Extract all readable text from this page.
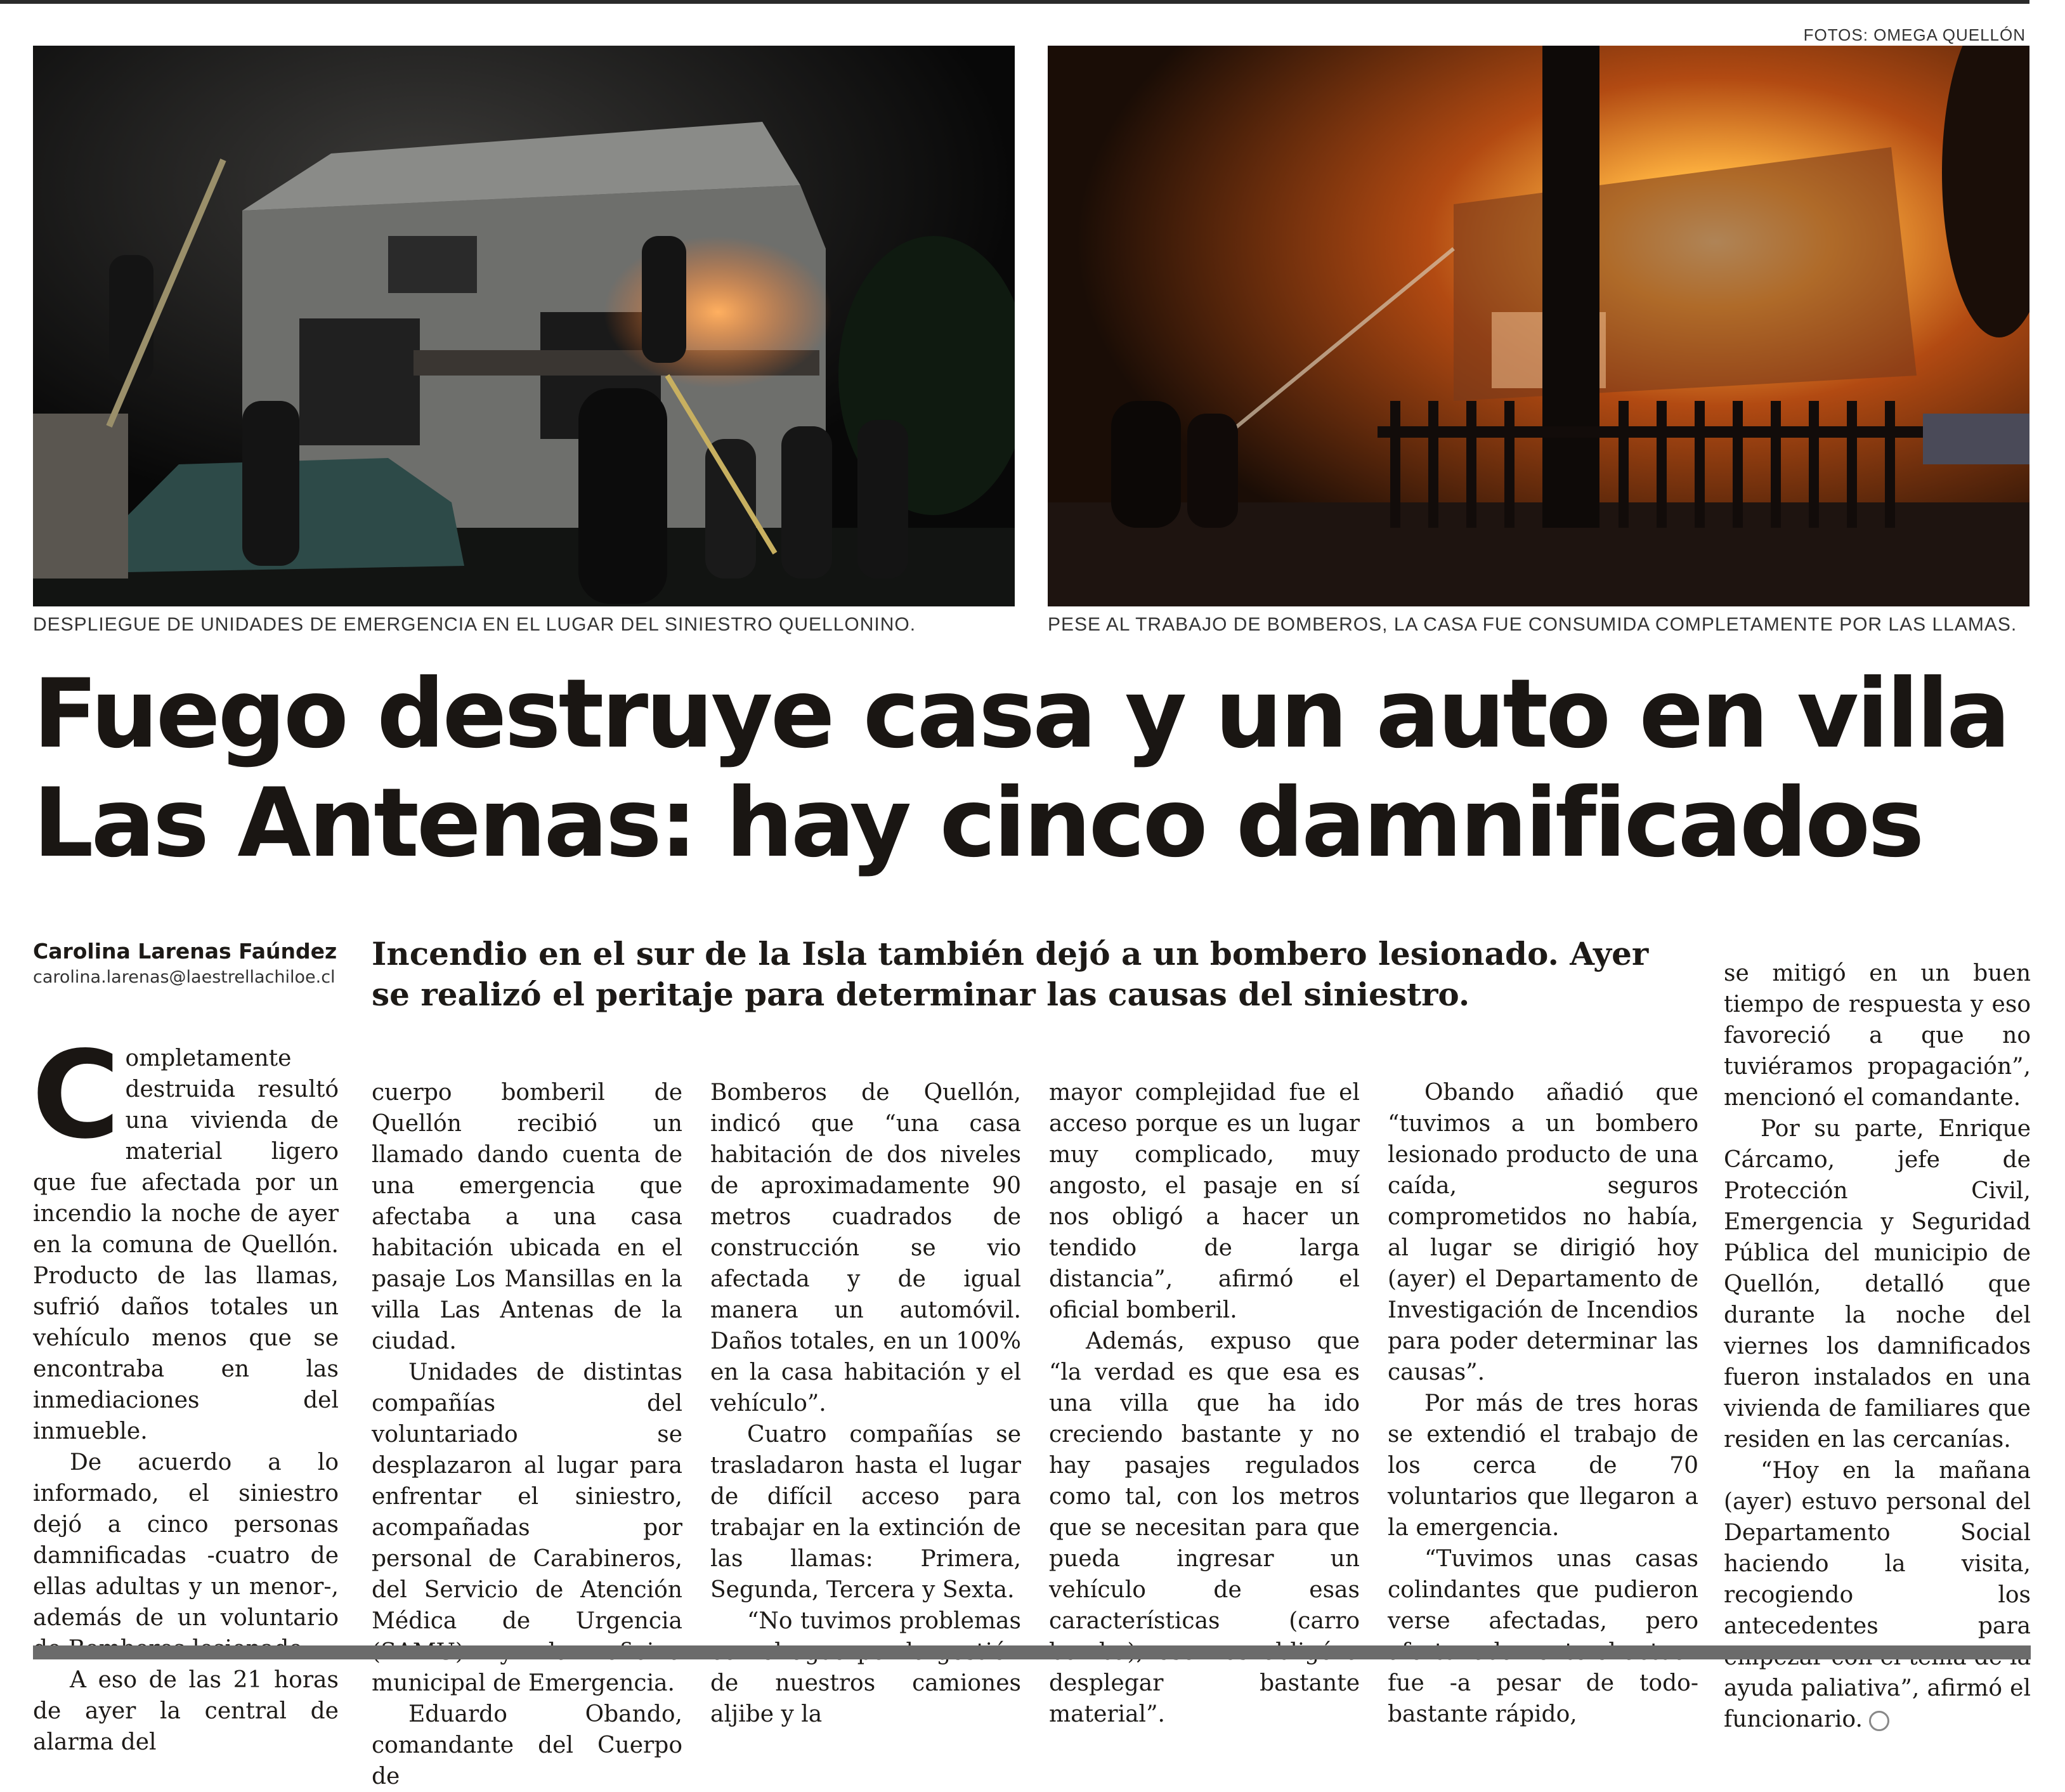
FOTOS: OMEGA QUELLÓN
DESPLIEGUE DE UNIDADES DE EMERGENCIA EN EL LUGAR DEL SINIESTRO QUELLONINO.	PESE AL TRABAJO DE BOMBEROS, LA CASA FUE CONSUMIDA COMPLETAMENTE POR LAS LLAMAS.
Fuego destruye casa y un auto en villa
Las Antenas: hay cinco damnificados
Carolina Larenas Faúndez
carolina.larenas@laestrellachiloe.cl

Incendio en el sur de la Isla también dejó a un bombero lesionado. Ayer se realizó el peritaje para determinar las causas del siniestro.

Completamente destruida resultó una vivienda de material ligero que fue afectada por un incendio la noche de ayer en la comuna de Quellón. Producto de las llamas, sufrió daños totales un vehículo menos que se encontraba en las inmediaciones del inmueble.

De acuerdo a lo informado, el siniestro dejó a cinco personas damnificadas -cuatro de ellas adultas y un menor-, además de un voluntario

A eso de las 21 horas de ayer la central de alarma del

cuerpo bomberil de Quellón recibió un llamado dando cuenta de una emergencia que afectaba a una casa habitación ubicada en el pasaje Los Mansillas en la villa Las Antenas de la ciudad.

Unidades de distintas compañías del voluntariado se desplazaron al lugar para enfrentar el siniestro, acompañadas por personal de Carabineros, del Servicio de Atención Médica de Urgencia municipal de Emergencia.

Eduardo Obando, comandante del Cuerpo de

Bomberos de Quellón, indicó que “una casa habitación de dos niveles de aproximadamente 90 metros cuadrados de construcción se vio afectada y de igual manera un automóvil. Daños totales, en un 100% en la casa habitación y el vehículo”.

Cuatro compañías se trasladaron hasta el lugar de difícil acceso para trabajar en la extinción de las llamas: Primera, Segunda, Tercera y Sexta.

“No tuvimos problemas de nuestros camiones aljibe y la

mayor complejidad fue el acceso porque es un lugar muy complicado, muy angosto, el pasaje en sí nos obligó a hacer un tendido de larga distancia”, afirmó el oficial bomberil.

Además, expuso que “la verdad es que esa es una villa que ha ido creciendo bastante y no hay pasajes regulados como tal, con los metros que se necesitan para que pueda ingresar un vehículo de esas características (carro desplegar bastante material”.

Obando añadió que “tuvimos a un bombero lesionado producto de una caída, seguros comprometidos no había, al lugar se dirigió hoy (ayer) el Departamento de Investigación de Incendios para poder determinar las causas”.

Por más de tres horas se extendió el trabajo de los cerca de 70 voluntarios que llegaron a la emergencia.

“Tuvimos unas casas colindantes que pudieron verse afectadas, pero fue -a pesar de todo- bastante rápido,

se mitigó en un buen tiempo de respuesta y eso favoreció a que no tuviéramos propagación”, mencionó el comandante.

Por su parte, Enrique Cárcamo, jefe de Protección Civil, Emergencia y Seguridad Pública del municipio de Quellón, detalló que durante la noche del viernes los damnificados fueron instalados en una vivienda de familiares que residen en las cercanías.

“Hoy en la mañana (ayer) estuvo personal del Departamento Social haciendo la visita, recogiendo los antecedentes para ayuda paliativa”, afirmó el funcionario.
